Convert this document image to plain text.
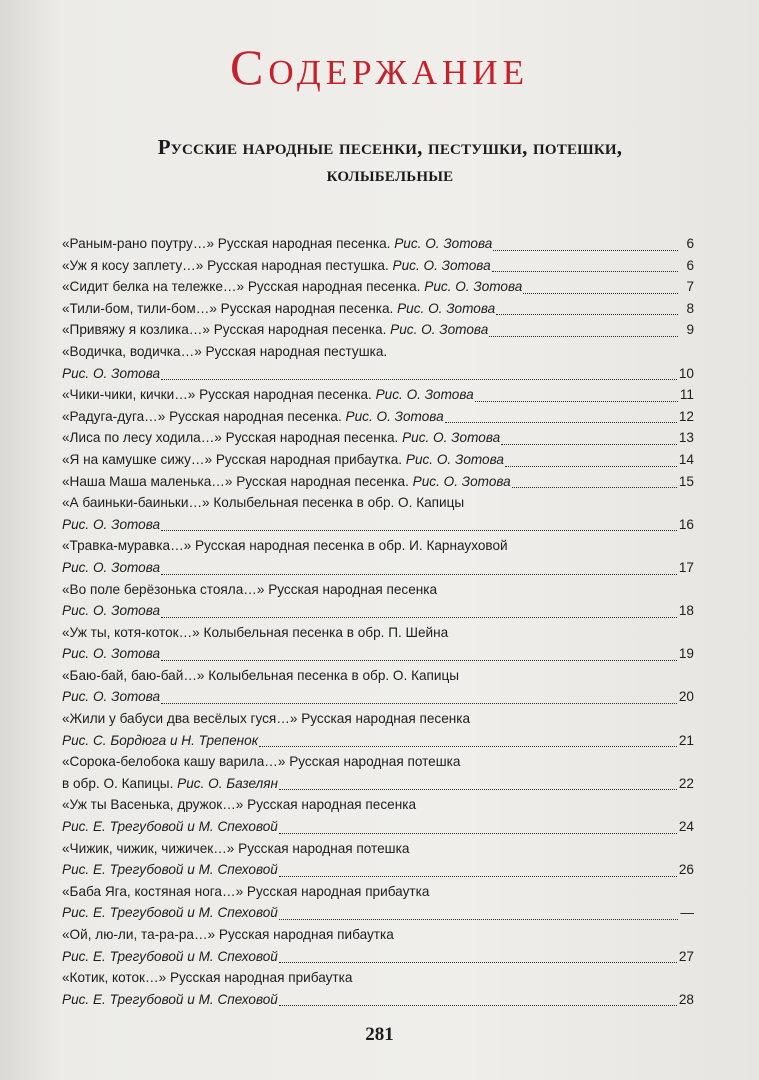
Содержание
Русские народные песенки, пестушки, потешки, колыбельные
«Раным-рано поутру…» Русская народная песенка. Рис. О. Зотова	6
«Уж я косу заплету…» Русская народная пестушка. Рис. О. Зотова	6
«Сидит белка на тележке…» Русская народная песенка. Рис. О. Зотова	7
«Тили-бом, тили-бом…» Русская народная песенка. Рис. О. Зотова	8
«Привяжу я козлика…» Русская народная песенка. Рис. О. Зотова	9
«Водичка, водичка…» Русская народная пестушка.
Рис. О. Зотова	10
«Чики-чики, кички…» Русская народная песенка. Рис. О. Зотова	11
«Радуга-дуга…» Русская народная песенка. Рис. О. Зотова	12
«Лиса по лесу ходила…» Русская народная песенка. Рис. О. Зотова	13
«Я на камушке сижу…» Русская народная прибаутка. Рис. О. Зотова	14
«Наша Маша маленька…» Русская народная песенка. Рис. О. Зотова	15
«А баиньки-баиньки…» Колыбельная песенка в обр. О. Капицы
Рис. О. Зотова	16
«Травка-муравка…» Русская народная песенка в обр. И. Карнауховой
Рис. О. Зотова	17
«Во поле берёзонька стояла…» Русская народная песенка
Рис. О. Зотова	18
«Уж ты, котя-коток…» Колыбельная песенка в обр. П. Шейна
Рис. О. Зотова	19
«Баю-бай, баю-бай…» Колыбельная песенка в обр. О. Капицы
Рис. О. Зотова	20
«Жили у бабуси два весёлых гуся…» Русская народная песенка
Рис. С. Бордюга и Н. Трепенок	21
«Сорока-белобока кашу варила…» Русская народная потешка
в обр. О. Капицы. Рис. О. Базелян	22
«Уж ты Васенька, дружок…» Русская народная песенка
Рис. Е. Трегубовой и М. Спеховой	24
«Чижик, чижик, чижичек…» Русская народная потешка
Рис. Е. Трегубовой и М. Спеховой	26
«Баба Яга, костяная нога…» Русская народная прибаутка
Рис. Е. Трегубовой и М. Спеховой	—
«Ой, лю-ли, та-ра-ра…» Русская народная пибаутка
Рис. Е. Трегубовой и М. Спеховой	27
«Котик, коток…» Русская народная прибаутка
Рис. Е. Трегубовой и М. Спеховой	28
281
